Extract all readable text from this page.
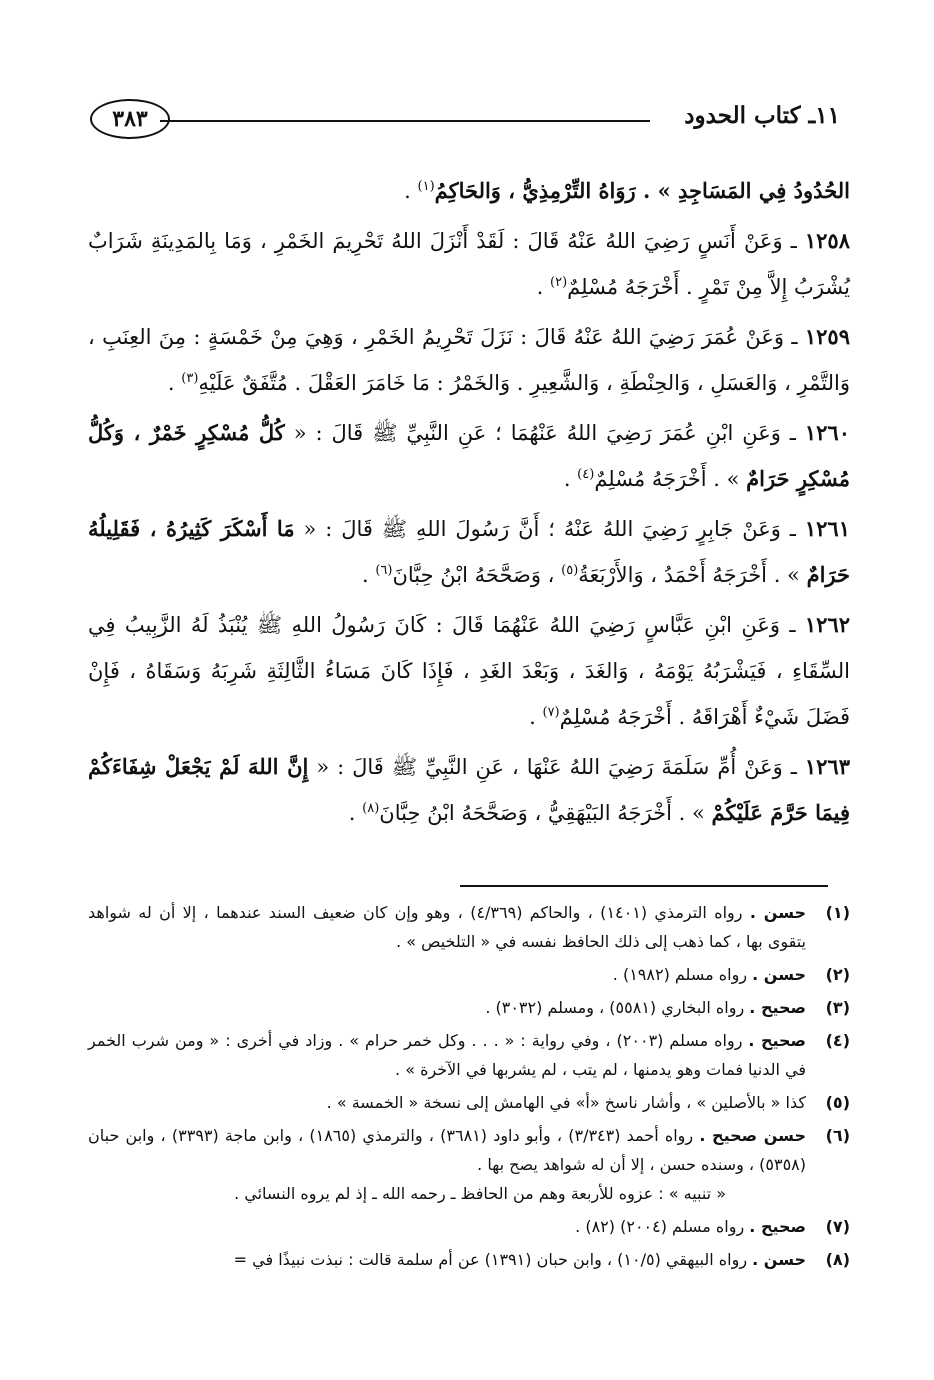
١١ـ كتاب الحدود
٣٨٣

الحُدُودُ فِي المَسَاجِدِ » . رَوَاهُ التِّرْمِذِيُّ ، وَالحَاكِمُ$^{(١)}$ .

١٢٥٨ ـ وَعَنْ أَنَسٍ رَضِيَ اللهُ عَنْهُ قَالَ : لَقَدْ أَنْزَلَ اللهُ تَحْرِيمَ الخَمْرِ ، وَمَا بِالمَدِينَةِ شَرَابٌ يُشْرَبُ إِلاَّ مِنْ تَمْرٍ . أَخْرَجَهُ مُسْلِمٌ$^{(٢)}$ .

١٢٥٩ ـ وَعَنْ عُمَرَ رَضِيَ اللهُ عَنْهُ قَالَ : نَزَلَ تَحْرِيمُ الخَمْرِ ، وَهِيَ مِنْ خَمْسَةٍ : مِنَ العِنَبِ ، وَالتَّمْرِ ، وَالعَسَلِ ، وَالحِنْطَةِ ، وَالشَّعِيرِ . وَالخَمْرُ : مَا خَامَرَ العَقْلَ . مُتَّفَقٌ عَلَيْهِ$^{(٣)}$ .

١٢٦٠ ـ وَعَنِ ابْنِ عُمَرَ رَضِيَ اللهُ عَنْهُمَا ؛ عَنِ النَّبِيِّ ﷺ قَالَ : « كُلُّ مُسْكِرٍ خَمْرٌ ، وَكُلُّ مُسْكِرٍ حَرَامٌ » . أَخْرَجَهُ مُسْلِمٌ$^{(٤)}$ .

١٢٦١ ـ وَعَنْ جَابِرٍ رَضِيَ اللهُ عَنْهُ ؛ أَنَّ رَسُولَ اللهِ ﷺ قَالَ : « مَا أَسْكَرَ كَثِيرُهُ ، فَقَلِيلُهُ حَرَامٌ » . أَخْرَجَهُ أَحْمَدُ ، وَالأَرْبَعَةُ$^{(٥)}$ ، وَصَحَّحَهُ ابْنُ حِبَّانَ$^{(٦)}$ .

١٢٦٢ ـ وَعَنِ ابْنِ عَبَّاسٍ رَضِيَ اللهُ عَنْهُمَا قَالَ : كَانَ رَسُولُ اللهِ ﷺ يُنْبَذُ لَهُ الزَّبِيبُ فِي السِّقَاءِ ، فَيَشْرَبُهُ يَوْمَهُ ، وَالغَدَ ، وَبَعْدَ الغَدِ ، فَإِذَا كَانَ مَسَاءُ الثَّالِثَةِ شَرِبَهُ وَسَقَاهُ ، فَإِنْ فَضَلَ شَيْءٌ أَهْرَاقَهُ . أَخْرَجَهُ مُسْلِمٌ$^{(٧)}$ .

١٢٦٣ ـ وَعَنْ أُمِّ سَلَمَةَ رَضِيَ اللهُ عَنْهَا ، عَنِ النَّبِيِّ ﷺ قَالَ : « إِنَّ اللهَ لَمْ يَجْعَلْ شِفَاءَكُمْ فِيمَا حَرَّمَ عَلَيْكُمْ » . أَخْرَجَهُ البَيْهَقِيُّ ، وَصَحَّحَهُ ابْنُ حِبَّانَ$^{(٨)}$ .

(١)
حسن . رواه الترمذي (١٤٠١) ، والحاكم (٤/٣٦٩) ، وهو وإن كان ضعيف السند عندهما ، إلا أن له شواهد يتقوى بها ، كما ذهب إلى ذلك الحافظ نفسه في « التلخيص » .
(٢)
حسن . رواه مسلم (١٩٨٢) .
(٣)
صحيح . رواه البخاري (٥٥٨١) ، ومسلم (٣٠٣٢) .
(٤)
صحيح . رواه مسلم (٢٠٠٣) ، وفي رواية : « . . . وكل خمر حرام » . وزاد في أخرى : « ومن شرب الخمر في الدنيا فمات وهو يدمنها ، لم يتب ، لم يشربها في الآخرة » .
(٥)
كذا « بالأصلين » ، وأشار ناسخ «أ» في الهامش إلى نسخة « الخمسة » .
(٦)
حسن صحيح . رواه أحمد (٣/٣٤٣) ، وأبو داود (٣٦٨١) ، والترمذي (١٨٦٥) ، وابن ماجة (٣٣٩٣) ، وابن حبان (٥٣٥٨) ، وسنده حسن ، إلا أن له شواهد يصح بها .
« تنبيه » : عزوه للأربعة وهم من الحافظ ـ رحمه الله ـ إذ لم يروه النسائي .
(٧)
صحيح . رواه مسلم (٢٠٠٤) (٨٢) .
(٨)
حسن . رواه البيهقي (١٠/٥) ، وابن حبان (١٣٩١) عن أم سلمة قالت : نبذت نبيذًا في =
